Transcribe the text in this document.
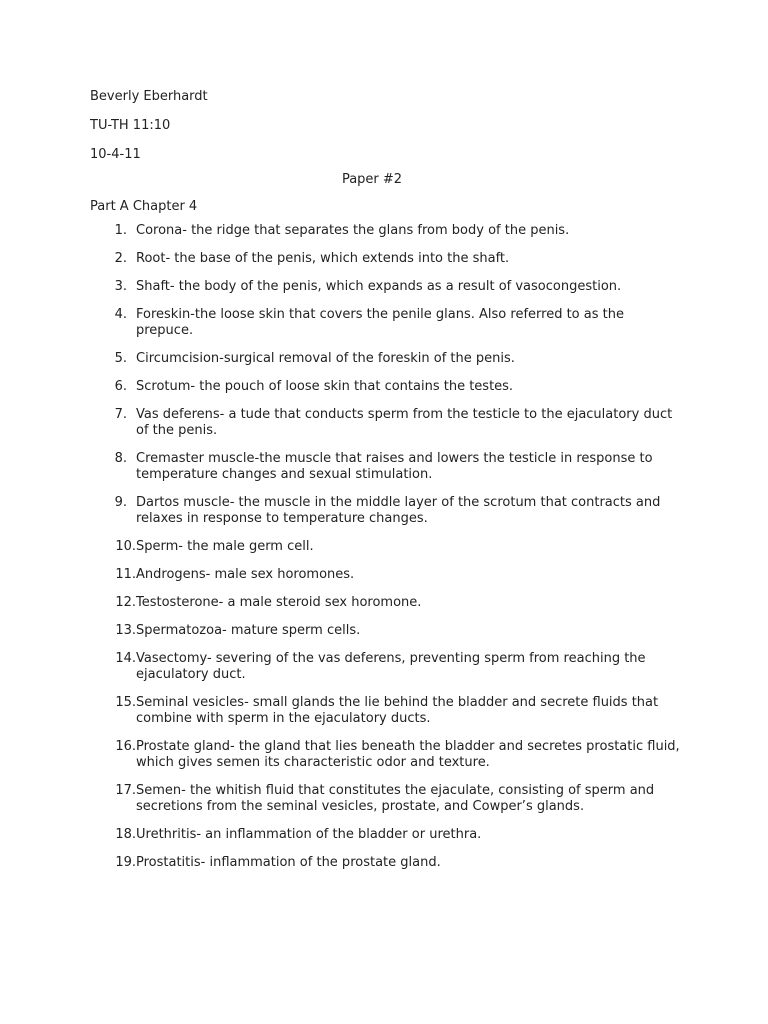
Beverly Eberhardt
TU-TH 11:10
10-4-11
Paper #2
Part A Chapter 4
1. Corona- the ridge that separates the glans from body of the penis.
2. Root- the base of the penis, which extends into the shaft.
3. Shaft- the body of the penis, which expands as a result of vasocongestion.
4. Foreskin-the loose skin that covers the penile glans. Also referred to as the prepuce.
5. Circumcision-surgical removal of the foreskin of the penis.
6. Scrotum- the pouch of loose skin that contains the testes.
7. Vas deferens- a tude that conducts sperm from the testicle to the ejaculatory duct of the penis.
8. Cremaster muscle-the muscle that raises and lowers the testicle in response to temperature changes and sexual stimulation.
9. Dartos muscle- the muscle in the middle layer of the scrotum that contracts and relaxes in response to temperature changes.
10. Sperm- the male germ cell.
11. Androgens- male sex horomones.
12. Testosterone- a male steroid sex horomone.
13. Spermatozoa- mature sperm cells.
14. Vasectomy- severing of the vas deferens, preventing sperm from reaching the ejaculatory duct.
15. Seminal vesicles- small glands the lie behind the bladder and secrete fluids that combine with sperm in the ejaculatory ducts.
16. Prostate gland- the gland that lies beneath the bladder and secretes prostatic fluid, which gives semen its characteristic odor and texture.
17. Semen- the whitish fluid that constitutes the ejaculate, consisting of sperm and secretions from the seminal vesicles, prostate, and Cowper’s glands.
18. Urethritis- an inflammation of the bladder or urethra.
19. Prostatitis- inflammation of the prostate gland.
